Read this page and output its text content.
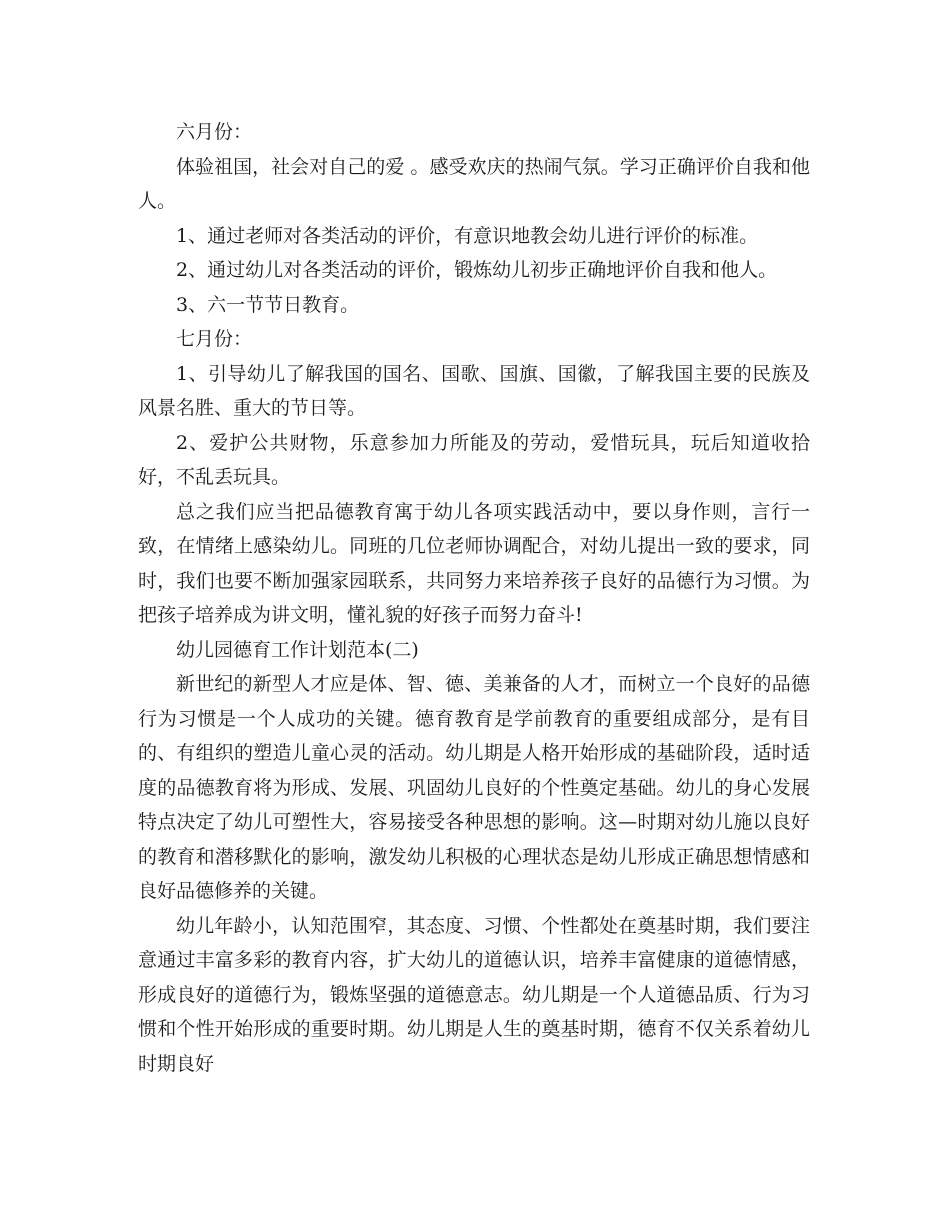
六月份：

体验祖国，社会对自己的爱 。感受欢庆的热闹气氛。学习正确评价自我和他人。

1、通过老师对各类活动的评价，有意识地教会幼儿进行评价的标准。

2、通过幼儿对各类活动的评价，锻炼幼儿初步正确地评价自我和他人。

3、六一节节日教育。

七月份：

1、引导幼儿了解我国的国名、国歌、国旗、国徽，了解我国主要的民族及风景名胜、重大的节日等。

2、爱护公共财物，乐意参加力所能及的劳动，爱惜玩具，玩后知道收拾好，不乱丢玩具。

总之我们应当把品德教育寓于幼儿各项实践活动中，要以身作则，言行一致，在情绪上感染幼儿。同班的几位老师协调配合，对幼儿提出一致的要求，同时，我们也要不断加强家园联系，共同努力来培养孩子良好的品德行为习惯。为把孩子培养成为讲文明，懂礼貌的好孩子而努力奋斗!

幼儿园德育工作计划范本(二)

新世纪的新型人才应是体、智、德、美兼备的人才，而树立一个良好的品德行为习惯是一个人成功的关键。德育教育是学前教育的重要组成部分，是有目的、有组织的塑造儿童心灵的活动。幼儿期是人格开始形成的基础阶段，适时适度的品德教育将为形成、发展、巩固幼儿良好的个性奠定基础。幼儿的身心发展特点决定了幼儿可塑性大，容易接受各种思想的影响。这—时期对幼儿施以良好的教育和潜移默化的影响，激发幼儿积极的心理状态是幼儿形成正确思想情感和良好品德修养的关键。

幼儿年龄小，认知范围窄，其态度、习惯、个性都处在奠基时期，我们要注意通过丰富多彩的教育内容，扩大幼儿的道德认识，培养丰富健康的道德情感，形成良好的道德行为，锻炼坚强的道德意志。幼儿期是一个人道德品质、行为习惯和个性开始形成的重要时期。幼儿期是人生的奠基时期，德育不仅关系着幼儿时期良好
